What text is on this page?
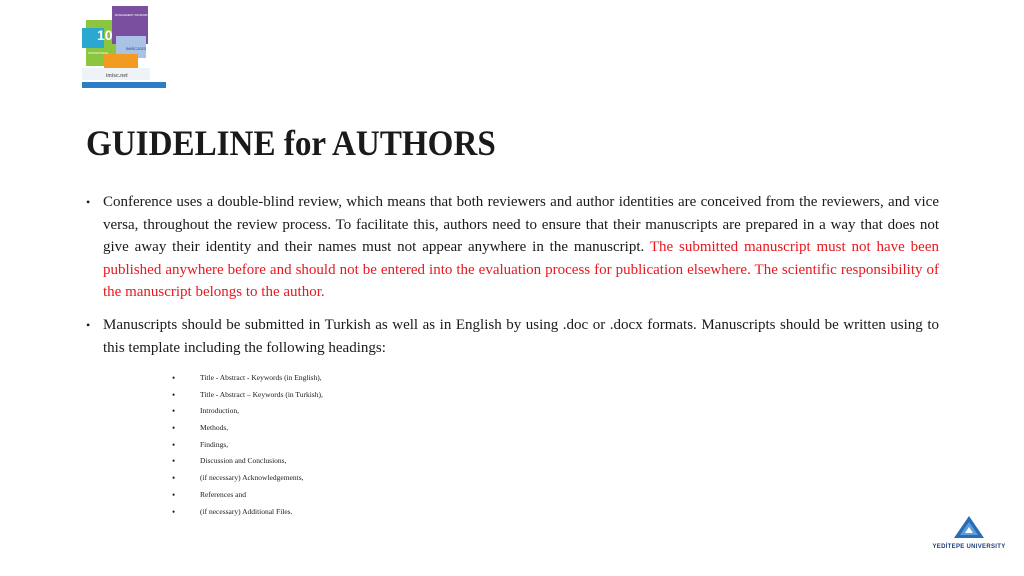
10
MANAGEMENT INFORMATION SYSTEMS CONFERENCE
INTERNATIONAL
IMISC2023
imisc.net
GUIDELINE for AUTHORS
• Conference uses a double-blind review, which means that both reviewers and author identities are conceived from the reviewers, and vice versa, throughout the review process. To facilitate this, authors need to ensure that their manuscripts are prepared in a way that does not give away their identity and their names must not appear anywhere in the manuscript. The submitted manuscript must not have been published anywhere before and should not be entered into the evaluation process for publication elsewhere. The scientific responsibility of the manuscript belongs to the author.

• Manuscripts should be submitted in Turkish as well as in English by using .doc or .docx formats. Manuscripts should be written using to this template including the following headings:

•	Title - Abstract - Keywords (in English),
•	Title - Abstract – Keywords (in Turkish),
•	Introduction,
•	Methods,
•	Findings,
•	Discussion and Conclusions,
•	(if necessary) Acknowledgements,
•	References and
•	(if necessary) Additional Files.
YEDİTEPE UNIVERSITY
